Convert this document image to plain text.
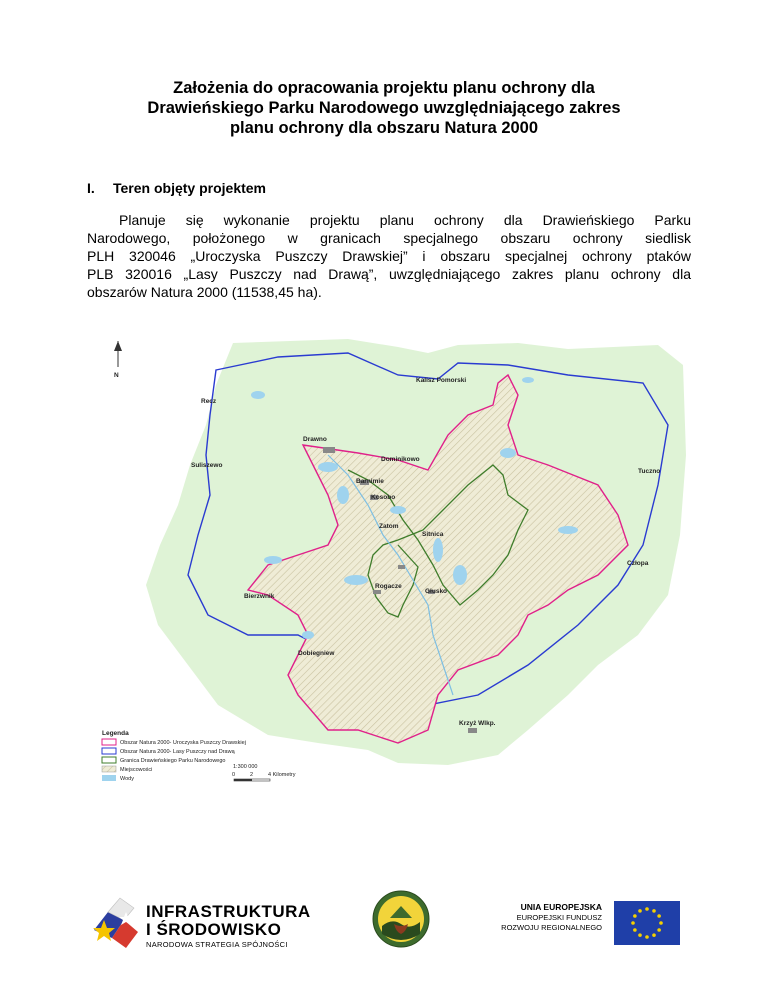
Założenia do opracowania projektu planu ochrony dla
Drawieńskiego Parku Narodowego uwzględniającego zakres
planu ochrony dla obszaru Natura 2000
I. Teren objęty projektem
Planuje się wykonanie projektu planu ochrony dla Drawieńskiego Parku
Narodowego, położonego w granicach specjalnego obszaru ochrony siedlisk
PLH 320046 „Uroczyska Puszczy Drawskiej” i obszaru specjalnej ochrony ptaków
PLB 320016 „Lasy Puszczy nad Drawą”, uwzględniającego zakres planu ochrony dla
obszarów Natura 2000 (11538,45 ha).
N
Kalisz Pomorski
Recz
Drawno
Dominikowo
Suliszewo
Tuczno
Barnimie
Kosobo
Zatom
Sitnica
Człopa
Rogacze
Głusko
Bierzwnik
Dobiegniew
Krzyż Wlkp.
Legenda
Obszar Natura 2000- Uroczyska Puszczy Drawskiej
Obszar Natura 2000- Lasy Puszczy nad Drawą
Granica Drawieńskiego Parku Narodowego
Miejscowości
Wody
1:300 000
0	2	4 Kilometry
INFRASTRUKTURA
I ŚRODOWISKO
NARODOWA STRATEGIA SPÓJNOŚCI
UNIA EUROPEJSKA
EUROPEJSKI FUNDUSZ
ROZWOJU REGIONALNEGO
